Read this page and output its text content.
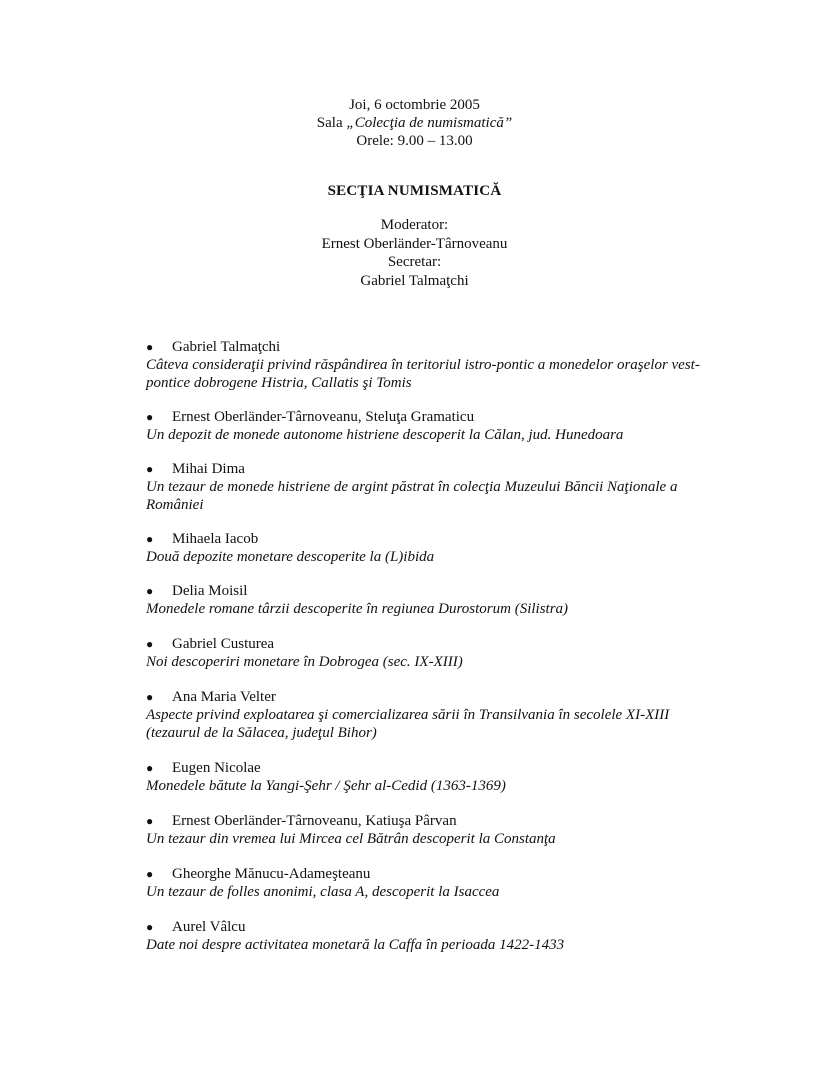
Joi, 6 octombrie 2005
Sala „Colecţia de numismatică”
Orele: 9.00 – 13.00
SECŢIA NUMISMATICĂ
Moderator:
Ernest Oberländer-Târnoveanu
Secretar:
Gabriel Talmaţchi
● Gabriel Talmaţchi
Câteva consideraţii privind răspândirea în teritoriul istro-pontic a monedelor oraşelor vest-
pontice dobrogene Histria, Callatis şi Tomis
● Ernest Oberländer-Târnoveanu, Steluţa Gramaticu
Un depozit de monede autonome histriene descoperit la Călan, jud. Hunedoara
● Mihai Dima
Un tezaur de monede histriene de argint păstrat în colecţia Muzeului Băncii Naţionale a
României
● Mihaela Iacob
Două depozite monetare descoperite la (L)ibida
● Delia Moisil
Monedele romane târzii descoperite în regiunea Durostorum (Silistra)
● Gabriel Custurea
Noi descoperiri monetare în Dobrogea (sec. IX-XIII)
● Ana Maria Velter
Aspecte privind exploatarea şi comercializarea sării în Transilvania în secolele XI-XIII
(tezaurul de la Sălacea, judeţul Bihor)
● Eugen Nicolae
Monedele bătute la Yangi-Şehr / Şehr al-Cedid (1363-1369)
● Ernest Oberländer-Târnoveanu, Katiuşa Pârvan
Un tezaur din vremea lui Mircea cel Bătrân descoperit la Constanţa
● Gheorghe Mănucu-Adameşteanu
Un tezaur de folles anonimi, clasa A, descoperit la Isaccea
● Aurel Vâlcu
Date noi despre activitatea monetară la Caffa în perioada 1422-1433
